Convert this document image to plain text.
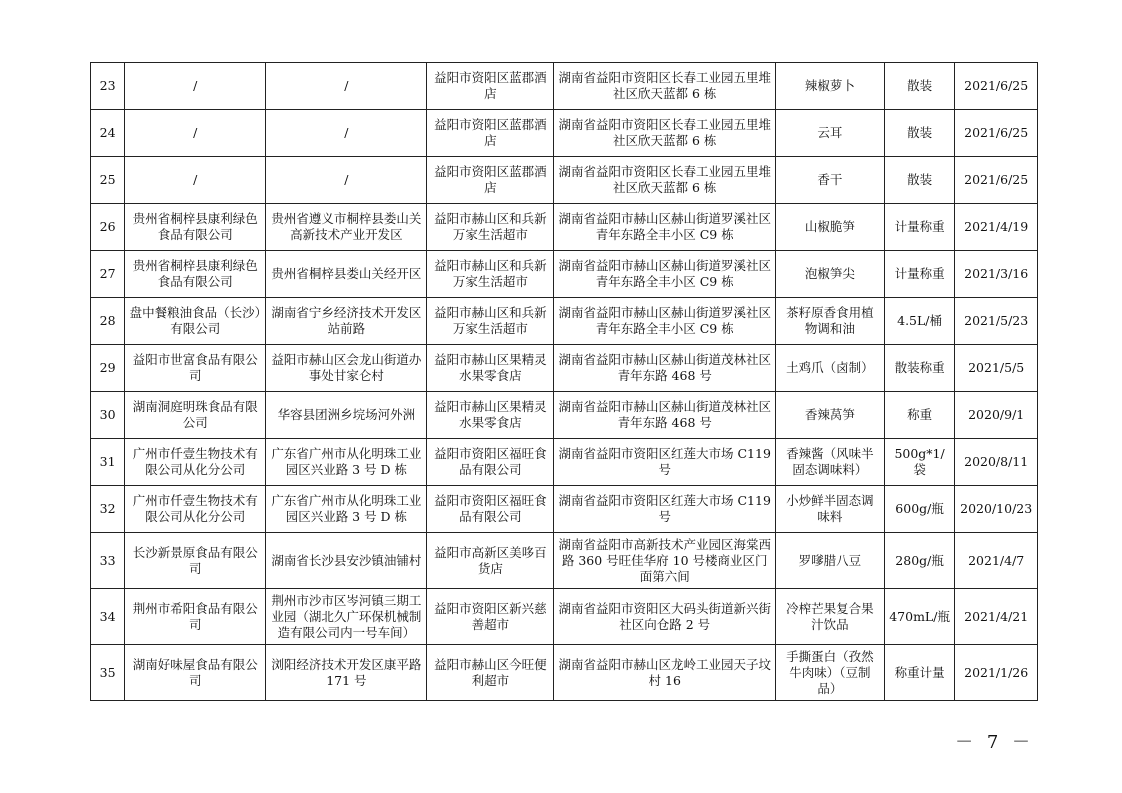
23	/	/	益阳市资阳区蓝郡酒店	湖南省益阳市资阳区长春工业园五里堆社区欣天蓝都 6 栋	辣椒萝卜	散装	2021/6/25
24	/	/	益阳市资阳区蓝郡酒店	湖南省益阳市资阳区长春工业园五里堆社区欣天蓝都 6 栋	云耳	散装	2021/6/25
25	/	/	益阳市资阳区蓝郡酒店	湖南省益阳市资阳区长春工业园五里堆社区欣天蓝都 6 栋	香干	散装	2021/6/25
26	贵州省桐梓县康利绿色食品有限公司	贵州省遵义市桐梓县娄山关高新技术产业开发区	益阳市赫山区和兵新万家生活超市	湖南省益阳市赫山区赫山街道罗溪社区青年东路全丰小区 C9 栋	山椒脆笋	计量称重	2021/4/19
27	贵州省桐梓县康利绿色食品有限公司	贵州省桐梓县娄山关经开区	益阳市赫山区和兵新万家生活超市	湖南省益阳市赫山区赫山街道罗溪社区青年东路全丰小区 C9 栋	泡椒笋尖	计量称重	2021/3/16
28	盘中餐粮油食品（长沙）有限公司	湖南省宁乡经济技术开发区站前路	益阳市赫山区和兵新万家生活超市	湖南省益阳市赫山区赫山街道罗溪社区青年东路全丰小区 C9 栋	茶籽原香食用植物调和油	4.5L/桶	2021/5/23
29	益阳市世富食品有限公司	益阳市赫山区会龙山街道办事处甘家仑村	益阳市赫山区果精灵水果零食店	湖南省益阳市赫山区赫山街道茂林社区青年东路 468 号	土鸡爪（卤制）	散装称重	2021/5/5
30	湖南洞庭明珠食品有限公司	华容县团洲乡垸场河外洲	益阳市赫山区果精灵水果零食店	湖南省益阳市赫山区赫山街道茂林社区青年东路 468 号	香辣莴笋	称重	2020/9/1
31	广州市仟壹生物技术有限公司从化分公司	广东省广州市从化明珠工业园区兴业路 3 号 D 栋	益阳市资阳区福旺食品有限公司	湖南省益阳市资阳区红莲大市场 C119 号	香辣酱（风味半固态调味料）	500g*1/袋	2020/8/11
32	广州市仟壹生物技术有限公司从化分公司	广东省广州市从化明珠工业园区兴业路 3 号 D 栋	益阳市资阳区福旺食品有限公司	湖南省益阳市资阳区红莲大市场 C119 号	小炒鲜半固态调味料	600g/瓶	2020/10/23
33	长沙新景原食品有限公司	湖南省长沙县安沙镇油铺村	益阳市高新区美哆百货店	湖南省益阳市高新技术产业园区海棠西路 360 号旺佳华府 10 号楼商业区门面第六间	罗嗲腊八豆	280g/瓶	2021/4/7
34	荆州市希阳食品有限公司	荆州市沙市区岑河镇三期工业园（湖北久广环保机械制造有限公司内一号车间）	益阳市资阳区新兴慈善超市	湖南省益阳市资阳区大码头街道新兴街社区向仓路 2 号	冷榨芒果复合果汁饮品	470mL/瓶	2021/4/21
35	湖南好味屋食品有限公司	浏阳经济技术开发区康平路 171 号	益阳市赫山区今旺便利超市	湖南省益阳市赫山区龙岭工业园天子坟村 16	手撕蛋白（孜然牛肉味）（豆制品）	称重计量	2021/1/26
－ 7 －
